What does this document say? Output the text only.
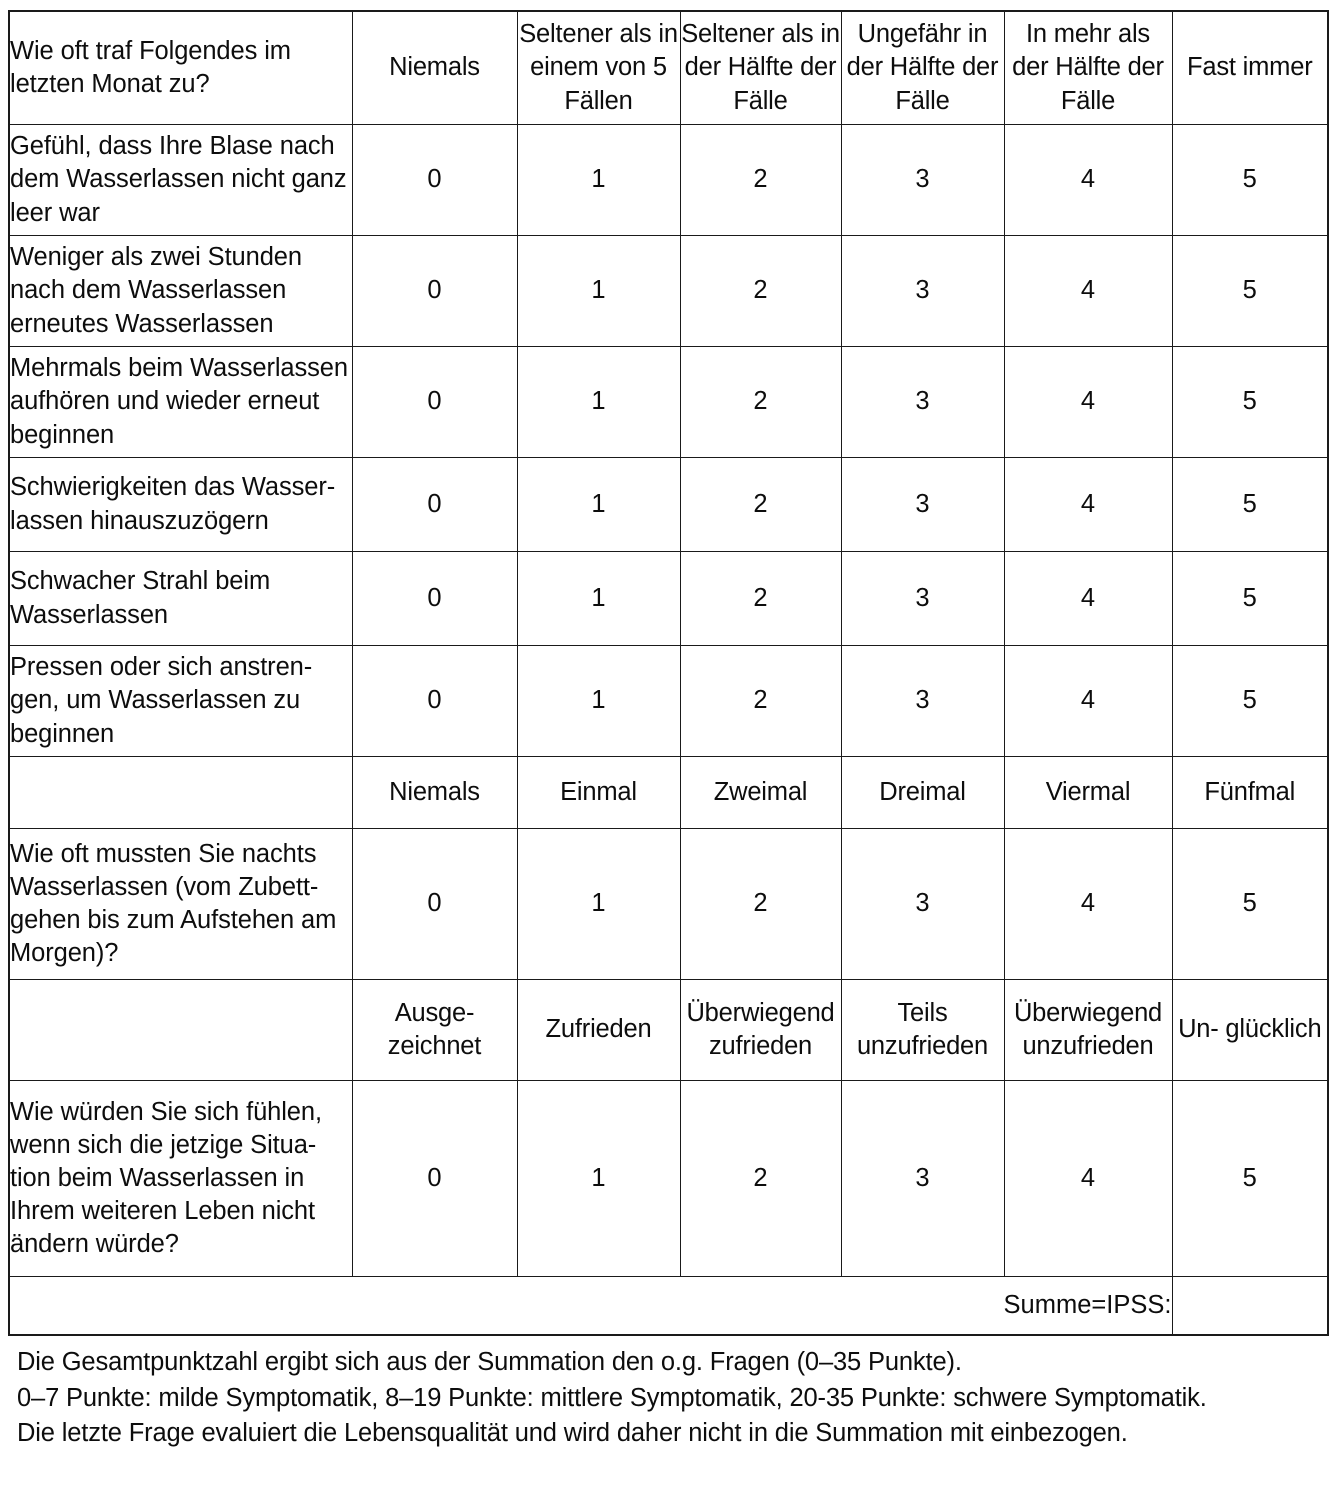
Wie oft traf Folgendes im letzten Monat zu?	Niemals	Seltener als in einem von 5 Fällen	Seltener als in der Hälfte der Fälle	Ungefähr in der Hälfte der Fälle	In mehr als der Hälfte der Fälle	Fast immer
Gefühl, dass Ihre Blase nach dem Wasserlassen nicht ganz leer war	0	1	2	3	4	5
Weniger als zwei Stunden nach dem Wasserlassen erneutes Wasserlassen	0	1	2	3	4	5
Mehrmals beim Wasserlassen aufhören und wieder erneut beginnen	0	1	2	3	4	5
Schwierigkeiten das Wasser- lassen hinauszuzögern	0	1	2	3	4	5
Schwacher Strahl beim Wasserlassen	0	1	2	3	4	5
Pressen oder sich anstren- gen, um Wasserlassen zu beginnen	0	1	2	3	4	5
	Niemals	Einmal	Zweimal	Dreimal	Viermal	Fünfmal
Wie oft mussten Sie nachts Wasserlassen (vom Zubett- gehen bis zum Aufstehen am Morgen)?	0	1	2	3	4	5
	Ausge- zeichnet	Zufrieden	Überwiegend zufrieden	Teils unzufrieden	Überwiegend unzufrieden	Un- glücklich
Wie würden Sie sich fühlen, wenn sich die jetzige Situa- tion beim Wasserlassen in Ihrem weiteren Leben nicht ändern würde?	0	1	2	3	4	5
Summe=IPSS:						
Die Gesamtpunktzahl ergibt sich aus der Summation den o.g. Fragen (0–35 Punkte).
0–7 Punkte: milde Symptomatik, 8–19 Punkte: mittlere Symptomatik, 20-35 Punkte: schwere Symptomatik.
Die letzte Frage evaluiert die Lebensqualität und wird daher nicht in die Summation mit einbezogen.
